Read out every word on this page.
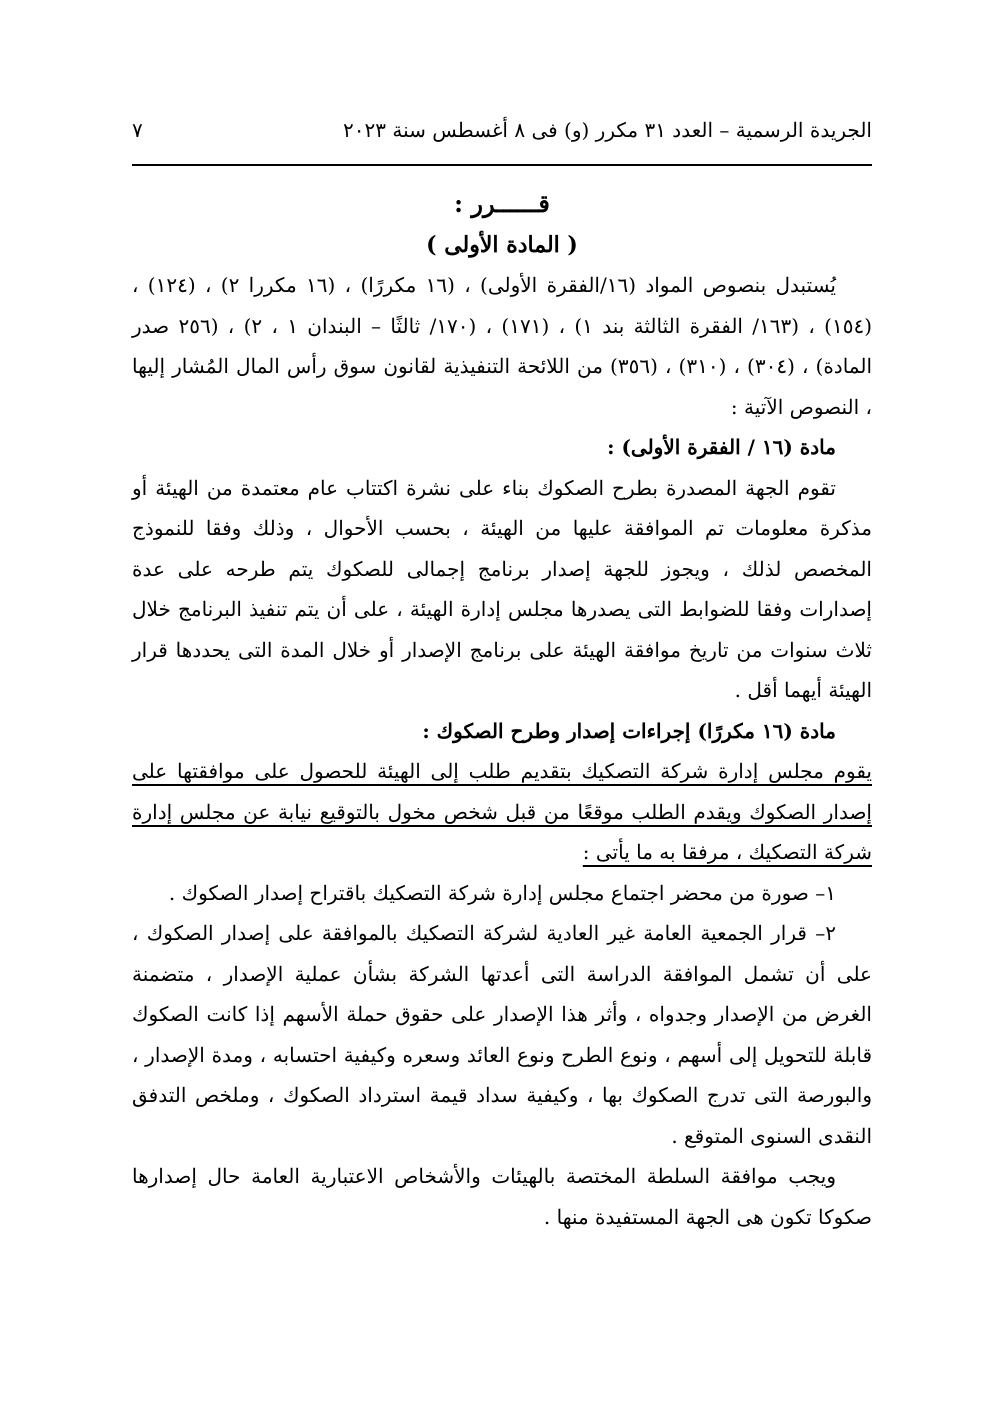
الجريدة الرسمية – العدد ٣١ مكرر (و) فى ٨ أغسطس سنة ٢٠٢٣
٧
قــــــرر :
( المادة الأولى )

يُستبدل بنصوص المواد (١٦/الفقرة الأولى) ، (١٦ مكررًا) ، (١٦ مكررا ٢) ، (١٢٤) ، (١٥٤) ، (١٦٣/ الفقرة الثالثة بند ١) ، (١٧١) ، (١٧٠/ ثالثًا – البندان ١ ، ٢) ، (٢٥٦ صدر المادة) ، (٣٠٤) ، (٣١٠) ، (٣٥٦) من اللائحة التنفيذية لقانون سوق رأس المال المُشار إليها ، النصوص الآتية :

مادة (١٦ / الفقرة الأولى) :

تقوم الجهة المصدرة بطرح الصكوك بناء على نشرة اكتتاب عام معتمدة من الهيئة أو مذكرة معلومات تم الموافقة عليها من الهيئة ، بحسب الأحوال ، وذلك وفقا للنموذج المخصص لذلك ، ويجوز للجهة إصدار برنامج إجمالى للصكوك يتم طرحه على عدة إصدارات وفقا للضوابط التى يصدرها مجلس إدارة الهيئة ، على أن يتم تنفيذ البرنامج خلال ثلاث سنوات من تاريخ موافقة الهيئة على برنامج الإصدار أو خلال المدة التى يحددها قرار الهيئة أيهما أقل .

مادة (١٦ مكررًا) إجراءات إصدار وطرح الصكوك :

يقوم مجلس إدارة شركة التصكيك بتقديم طلب إلى الهيئة للحصول على موافقتها على إصدار الصكوك ويقدم الطلب موقعًا من قبل شخص مخول بالتوقيع نيابة عن مجلس إدارة شركة التصكيك ، مرفقا به ما يأتى :

١– صورة من محضر اجتماع مجلس إدارة شركة التصكيك باقتراح إصدار الصكوك .

٢– قرار الجمعية العامة غير العادية لشركة التصكيك بالموافقة على إصدار الصكوك ، على أن تشمل الموافقة الدراسة التى أعدتها الشركة بشأن عملية الإصدار ، متضمنة الغرض من الإصدار وجدواه ، وأثر هذا الإصدار على حقوق حملة الأسهم إذا كانت الصكوك قابلة للتحويل إلى أسهم ، ونوع الطرح ونوع العائد وسعره وكيفية احتسابه ، ومدة الإصدار ، والبورصة التى تدرج الصكوك بها ، وكيفية سداد قيمة استرداد الصكوك ، وملخص التدفق النقدى السنوى المتوقع .

ويجب موافقة السلطة المختصة بالهيئات والأشخاص الاعتبارية العامة حال إصدارها صكوكا تكون هى الجهة المستفيدة منها .
